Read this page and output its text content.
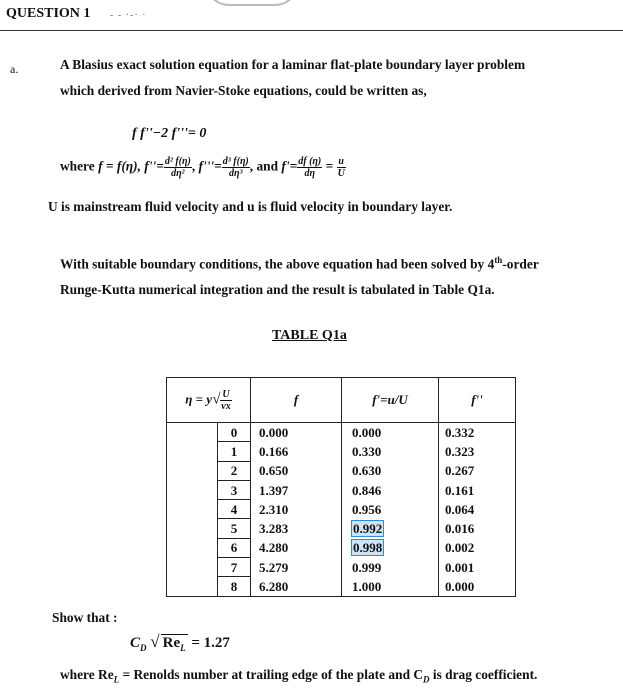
QUESTION 1 - - ·-· ·
a.	A Blasius exact solution equation for a laminar flat-plate boundary layer problem
which derived from Navier-Stoke equations, could be written as,
f f''−2 f'''= 0
where f = f(η), $f''= \frac{\text{d² f(η)}}{\text{dη²}}$ , $f'''= \frac{\text{d³ f(η)}}{\text{dη³}}$ , and $f'= \frac{df (\eta)}{d\eta} = \frac{u}{U}$
U is mainstream fluid velocity and u is fluid velocity in boundary layer.
With suitable boundary conditions, the above equation had been solved by 4th-order
Runge-Kutta numerical integration and the result is tabulated in Table Q1a.
TABLE Q1a
$\eta = y√ \frac{U}{\nu x}$		f	f'=u/U	f''
	0	0.000	0.000	0.332
	1	0.166	0.330	0.323
	2	0.650	0.630	0.267
	3	1.397	0.846	0.161
	4	2.310	0.956	0.064
	5	3.283	0.992	0.016
	6	4.280	0.998	0.002
	7	5.279	0.999	0.001
	8	6.280	1.000	0.000
Show that :
$C_D$ √ $Re_L = 1.27$
where $Re_L$ = Renolds number at trailing edge of the plate and $C_D$ is drag coefficient.
